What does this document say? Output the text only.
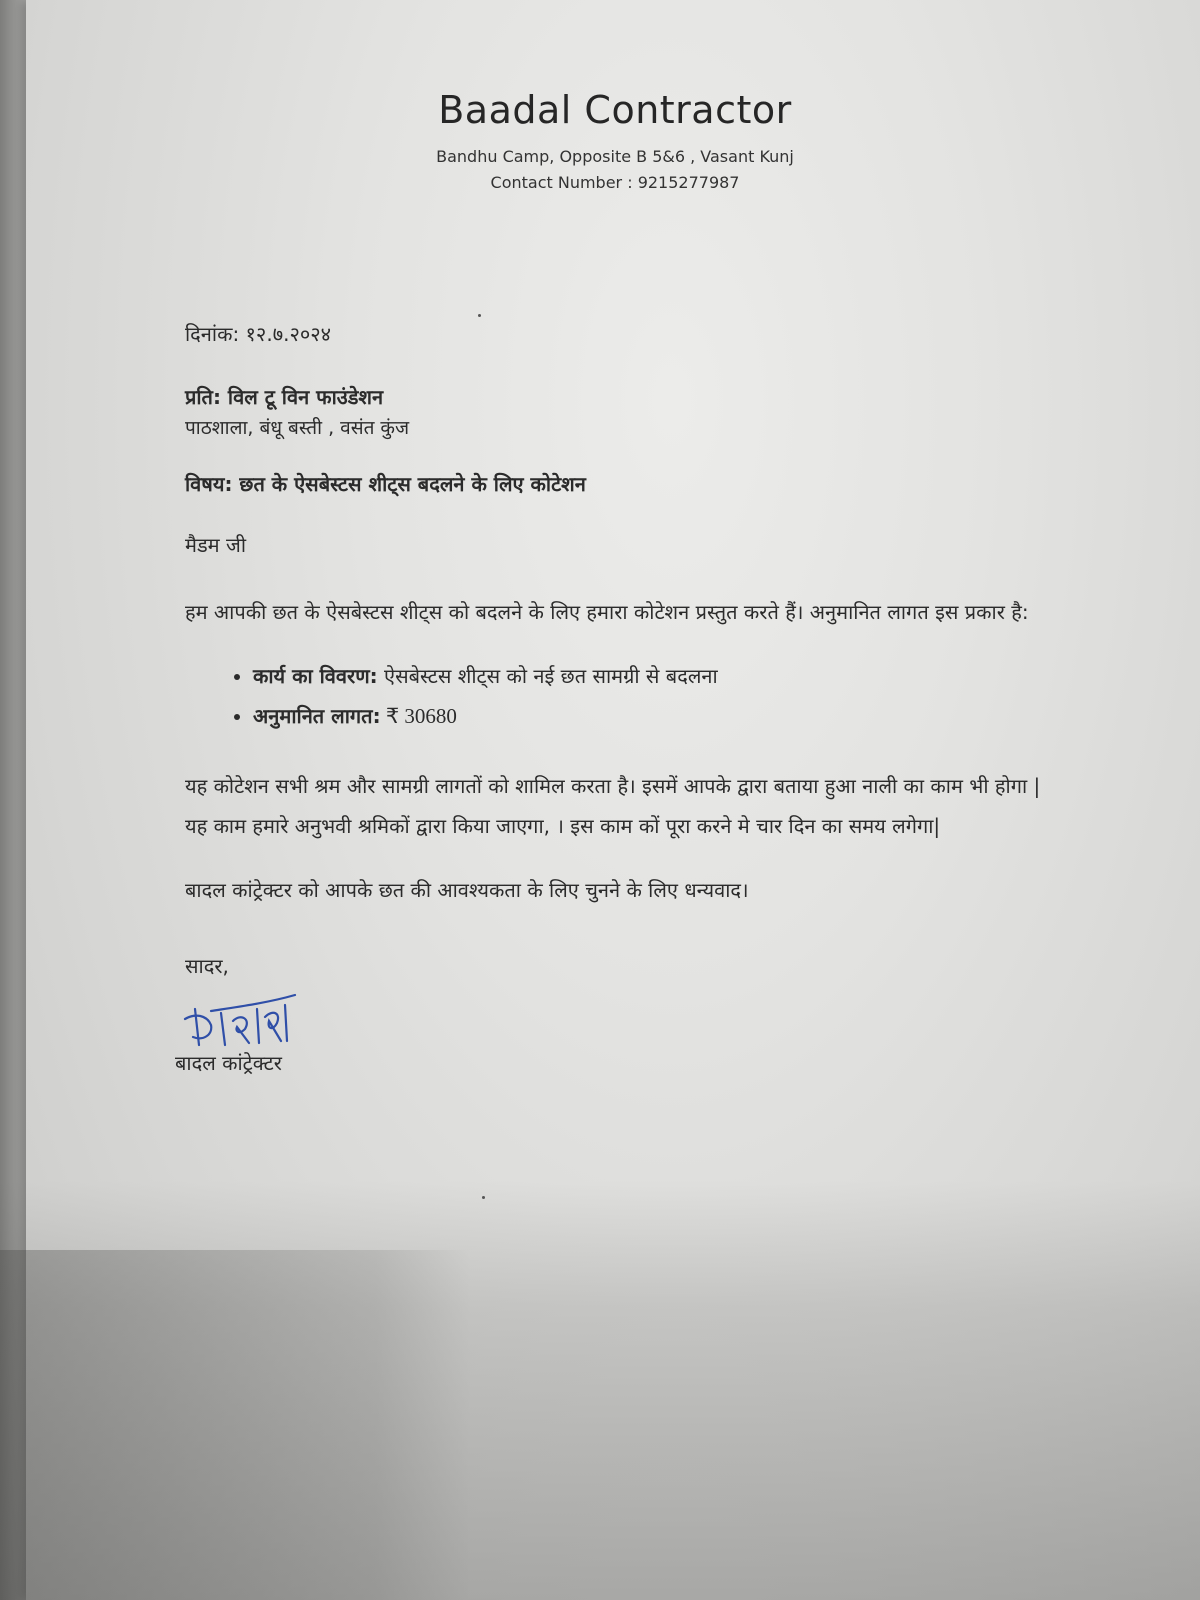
Baadal Contractor
Bandhu Camp, Opposite B 5&6 , Vasant Kunj
Contact Number : 9215277987

दिनांक: १२.७.२०२४

प्रति: विल टू विन फाउंडेशन

पाठशाला, बंधू बस्ती , वसंत कुंज

विषय: छत के ऐसबेस्टस शीट्स बदलने के लिए कोटेशन

मैडम जी

हम आपकी छत के ऐसबेस्टस शीट्स को बदलने के लिए हमारा कोटेशन प्रस्तुत करते हैं। अनुमानित लागत इस प्रकार है:

• कार्य का विवरण: ऐसबेस्टस शीट्स को नई छत सामग्री से बदलना
• अनुमानित लागत: ₹ 30680

यह कोटेशन सभी श्रम और सामग्री लागतों को शामिल करता है। इसमें आपके द्वारा बताया हुआ नाली का काम भी होगा | यह काम हमारे अनुभवी श्रमिकों द्वारा किया जाएगा, । इस काम कों पूरा करने मे चार दिन का समय लगेगा|

बादल कांट्रेक्टर को आपके छत की आवश्यकता के लिए चुनने के लिए धन्यवाद।

सादर,

बादल कांट्रेक्टर
